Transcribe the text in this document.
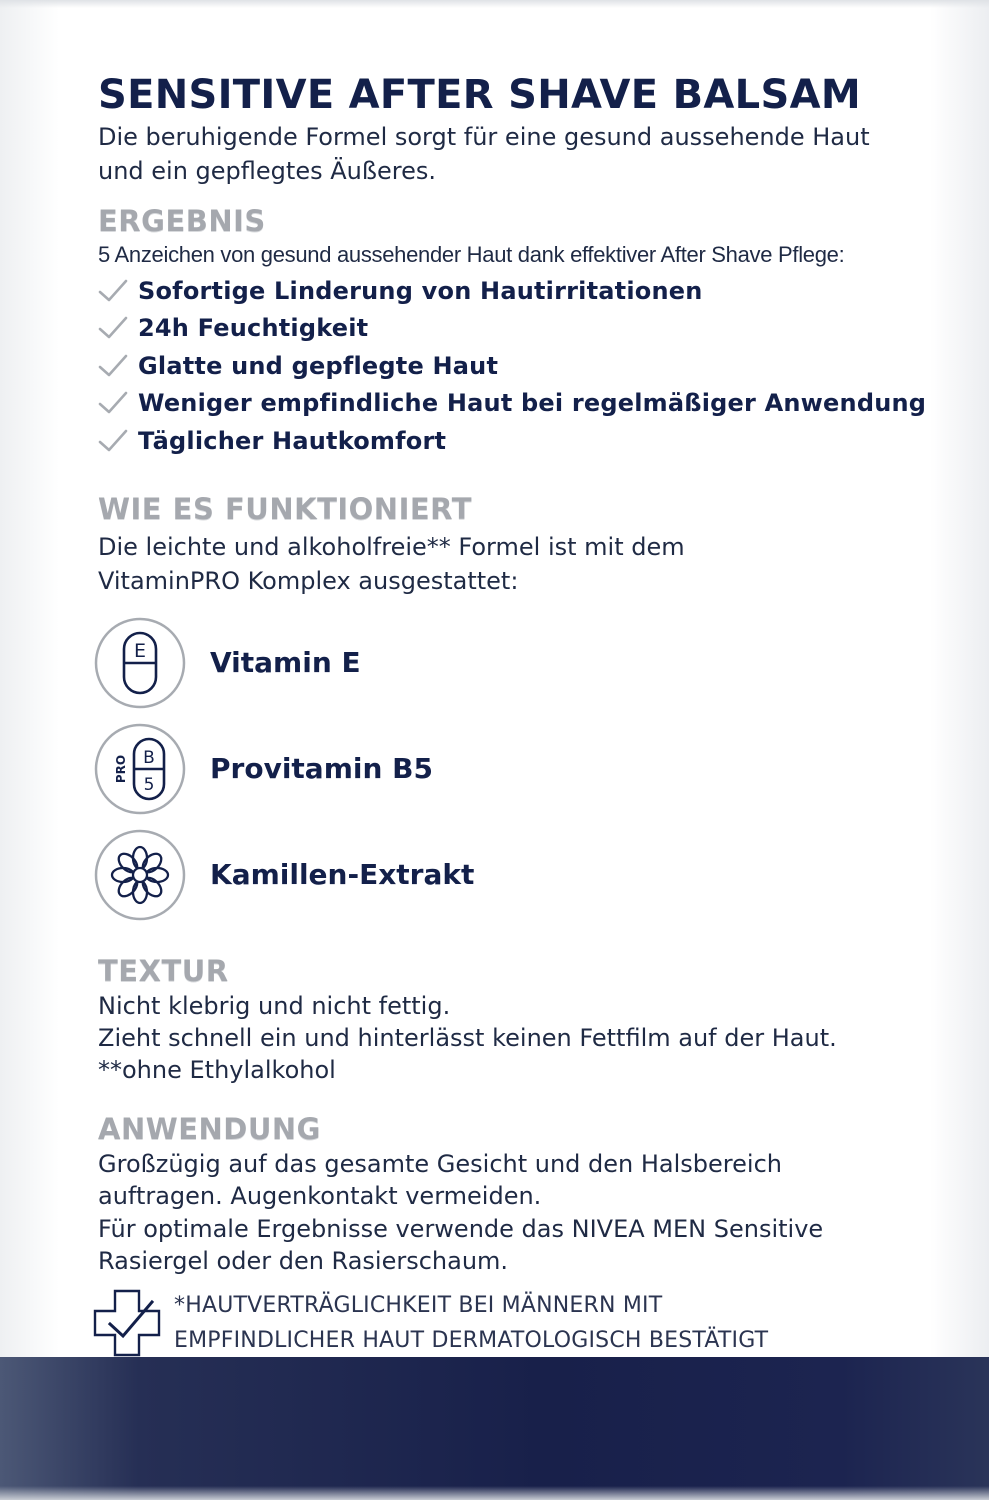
SENSITIVE AFTER SHAVE BALSAM

Die beruhigende Formel sorgt für eine gesund aussehende Haut
und ein gepflegtes Äußeres.

ERGEBNIS

5 Anzeichen von gesund aussehender Haut dank effektiver After Shave Pflege:

Sofortige Linderung von Hautirritationen
24h Feuchtigkeit
Glatte und gepflegte Haut
Weniger empfindliche Haut bei regelmäßiger Anwendung
Täglicher Hautkomfort
WIE ES FUNKTIONIERT

Die leichte und alkoholfreie** Formel ist mit dem
VitaminPRO Komplex ausgestattet:

E Vitamin E
B
5
PRO	Provitamin B5
Kamillen-Extrakt
TEXTUR

Nicht klebrig und nicht fettig.
Zieht schnell ein und hinterlässt keinen Fettfilm auf der Haut.
**ohne Ethylalkohol

ANWENDUNG

Großzügig auf das gesamte Gesicht und den Halsbereich
auftragen. Augenkontakt vermeiden.
Für optimale Ergebnisse verwende das NIVEA MEN Sensitive
Rasiergel oder den Rasierschaum.

*HAUTVERTRÄGLICHKEIT BEI MÄNNERN MIT
EMPFINDLICHER HAUT DERMATOLOGISCH BESTÄTIGT
